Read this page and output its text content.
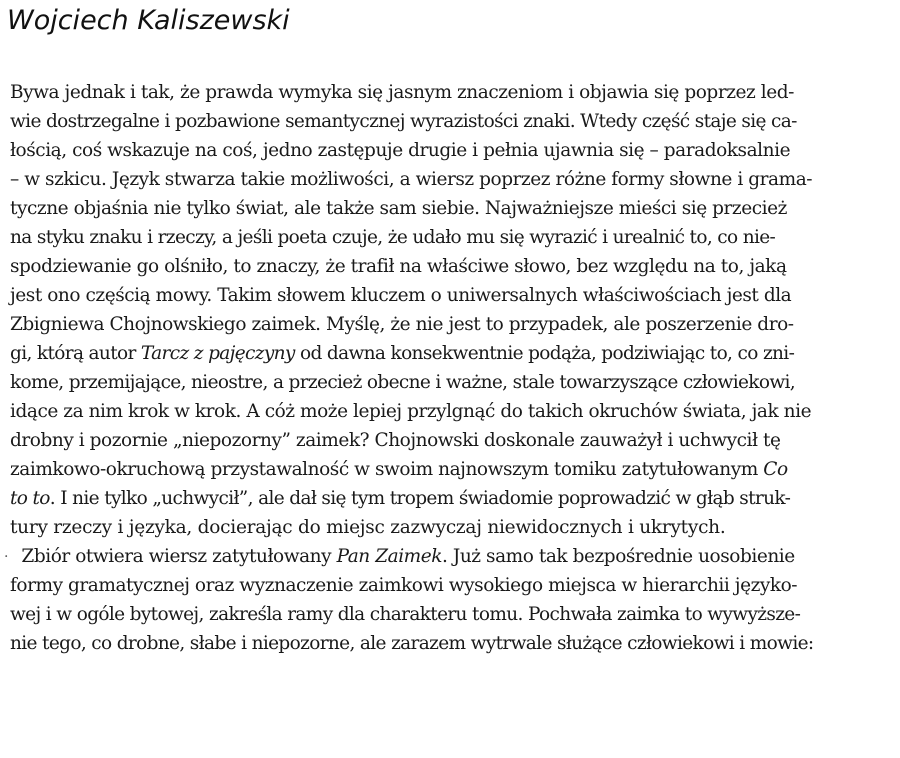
Wojciech Kaliszewski
Bywa jednak i tak, że prawda wymyka się jasnym znaczeniom i objawia się poprzez led-
wie dostrzegalne i pozbawione semantycznej wyrazistości znaki. Wtedy część staje się ca-
łością, coś wskazuje na coś, jedno zastępuje drugie i pełnia ujawnia się – paradoksalnie
– w szkicu. Język stwarza takie możliwości, a wiersz poprzez różne formy słowne i grama-
tyczne objaśnia nie tylko świat, ale także sam siebie. Najważniejsze mieści się przecież
na styku znaku i rzeczy, a jeśli poeta czuje, że udało mu się wyrazić i urealnić to, co nie-
spodziewanie go olśniło, to znaczy, że trafił na właściwe słowo, bez względu na to, jaką
jest ono częścią mowy. Takim słowem kluczem o uniwersalnych właściwościach jest dla
Zbigniewa Chojnowskiego zaimek. Myślę, że nie jest to przypadek, ale poszerzenie dro-
gi, którą autor Tarcz z pajęczyny od dawna konsekwentnie podąża, podziwiając to, co zni-
kome, przemijające, nieostre, a przecież obecne i ważne, stale towarzyszące człowiekowi,
idące za nim krok w krok. A cóż może lepiej przylgnąć do takich okruchów świata, jak nie
drobny i pozornie „niepozorny” zaimek? Chojnowski doskonale zauważył i uchwycił tę
zaimkowo-okruchową przystawalność w swoim najnowszym tomiku zatytułowanym Co
to to. I nie tylko „uchwycił”, ale dał się tym tropem świadomie poprowadzić w głąb struk-
tury rzeczy i języka, docierając do miejsc zazwyczaj niewidocznych i ukrytych.
· Zbiór otwiera wiersz zatytułowany Pan Zaimek. Już samo tak bezpośrednie uosobienie
formy gramatycznej oraz wyznaczenie zaimkowi wysokiego miejsca w hierarchii języko-
wej i w ogóle bytowej, zakreśla ramy dla charakteru tomu. Pochwała zaimka to wywyższe-
nie tego, co drobne, słabe i niepozorne, ale zarazem wytrwale służące człowiekowi i mowie:
